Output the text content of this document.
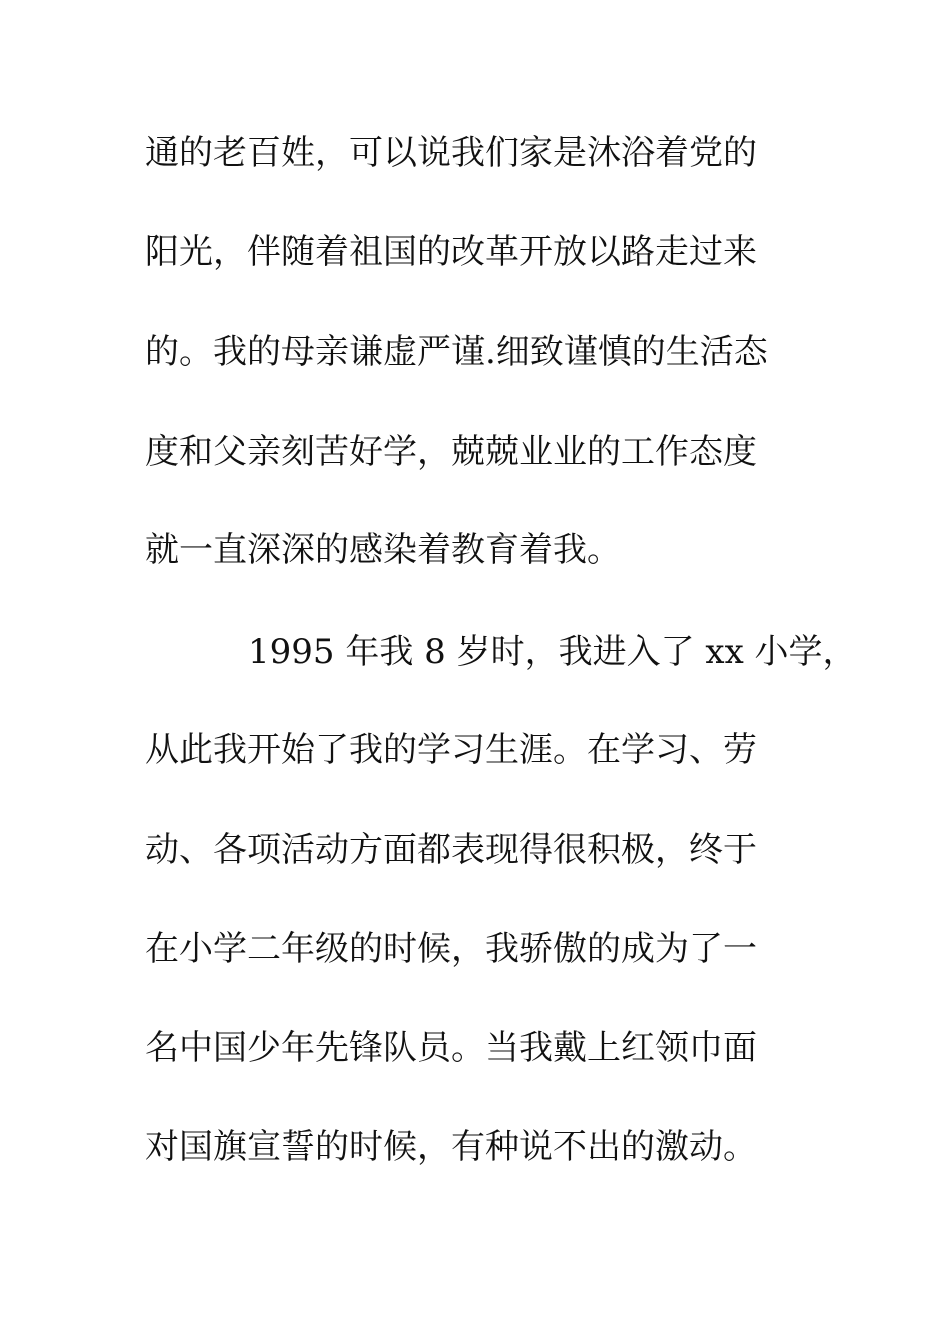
通的老百姓，可以说我们家是沐浴着党的
阳光，伴随着祖国的改革开放以路走过来
的。我的母亲谦虚严谨.细致谨慎的生活态
度和父亲刻苦好学，兢兢业业的工作态度
就一直深深的感染着教育着我。
1995 年我 8 岁时，我进入了 xx 小学，
从此我开始了我的学习生涯。在学习、劳
动、各项活动方面都表现得很积极，终于
在小学二年级的时候，我骄傲的成为了一
名中国少年先锋队员。当我戴上红领巾面
对国旗宣誓的时候，有种说不出的激动。
